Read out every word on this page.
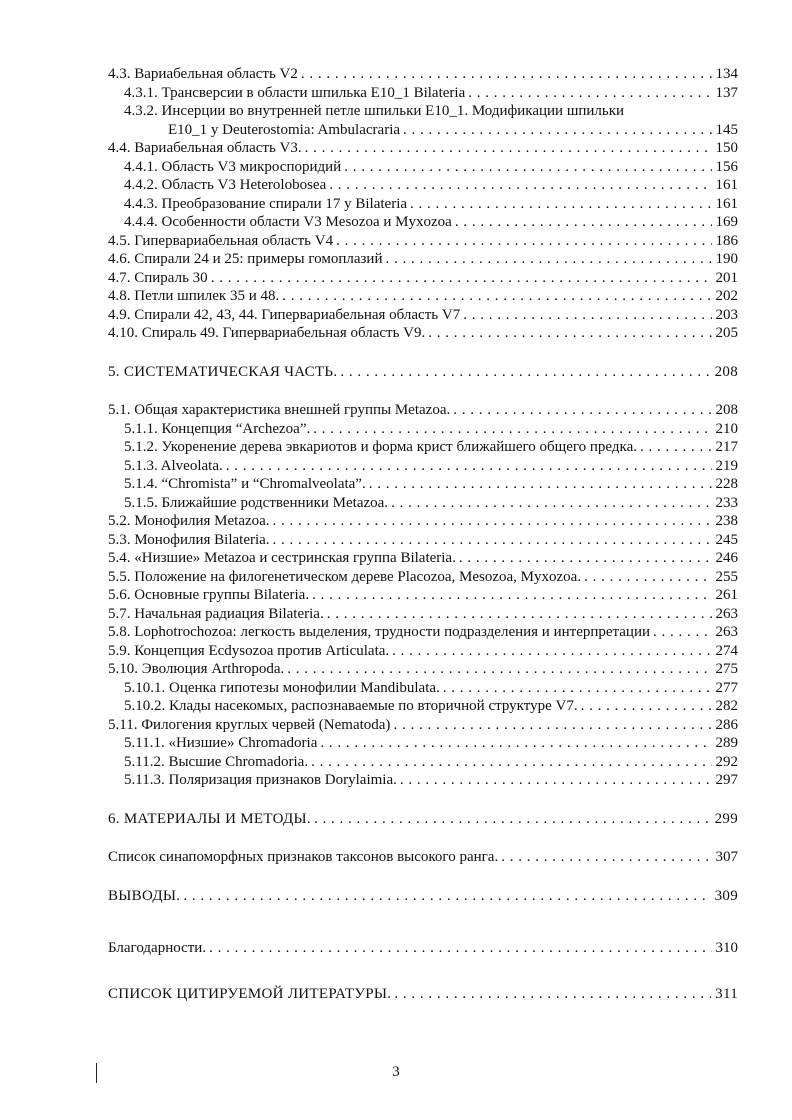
4.3. Вариабельная область V2 . . .	134
4.3.1. Трансверсии в области шпилька E10_1 Bilateria . . .	137
4.3.2. Инсерции во внутренней петле шпильки E10_1. Модификации шпильки
E10_1 у Deuterostomia: Ambulacraria . . .	145
4.4. Вариабельная область V3. . . .	150
4.4.1. Область V3 микроспоридий . . .	156
4.4.2. Область V3 Heterolobosea . . .	161
4.4.3. Преобразование спирали 17 у Bilateria . . .	161
4.4.4. Особенности области V3 Mesozoa и Myxozoa . . .	169
4.5. Гипервариабельная область V4 . . .	186
4.6. Спирали 24 и 25: примеры гомоплазий . . .	190
4.7. Спираль 30 . . .	201
4.8. Петли шпилек 35 и 48. . . .	202
4.9. Спирали 42, 43, 44. Гипервариабельная область V7 . . .	203
4.10. Спираль 49. Гипервариабельная область V9. . . .	205
5. СИСТЕМАТИЧЕСКАЯ ЧАСТЬ. . . .	208
5.1. Общая характеристика внешней группы Metazoa. . . .	208
5.1.1. Концепция “Archezoa”. . . .	210
5.1.2. Укоренение дерева эвкариотов и форма крист ближайшего общего предка. . . .	217
5.1.3. Alveolata. . . .	219
5.1.4. “Chromista” и “Chromalveolata”. . . .	228
5.1.5. Ближайшие родственники Metazoa. . . .	233
5.2. Монофилия Metazoa. . . .	238
5.3. Монофилия Bilateria. . . .	245
5.4. «Низшие» Metazoa и сестринская группа Bilateria. . . .	246
5.5. Положение на филогенетическом дереве Placozoa, Mesozoa, Myxozoa. . . .	255
5.6. Основные группы Bilateria. . . .	261
5.7. Начальная радиация Bilateria. . . .	263
5.8. Lophotrochozoa: легкость выделения, трудности подразделения и интерпретации . . .	263
5.9. Концепция Ecdysozoa против Articulata. . . .	274
5.10. Эволюция Arthropoda. . . .	275
5.10.1. Оценка гипотезы монофилии Mandibulata. . . .	277
5.10.2. Клады насекомых, распознаваемые по вторичной структуре V7. . . .	282
5.11. Филогения круглых червей (Nematoda) . . .	286
5.11.1. «Низшие» Chromadoria . . .	289
5.11.2. Высшие Chromadoria. . . .	292
5.11.3. Поляризация признаков Dorylaimia. . . .	297
6. МАТЕРИАЛЫ И МЕТОДЫ. . . .	299
Список синапоморфных признаков таксонов высокого ранга. . . .	307
ВЫВОДЫ. . . .	309
Благодарности. . . .	310
СПИСОК ЦИТИРУЕМОЙ ЛИТЕРАТУРЫ. . . .	311
3
